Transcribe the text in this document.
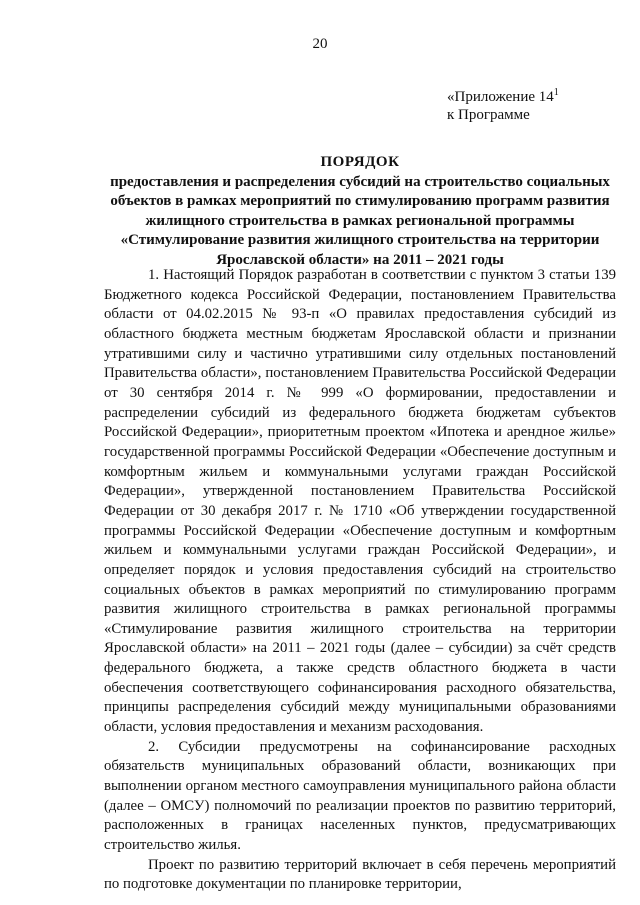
20
«Приложение $14^1$
к Программе
ПОРЯДОК
предоставления и распределения субсидий на строительство социальных объектов в рамках мероприятий по стимулированию программ развития жилищного строительства в рамках региональной программы «Стимулирование развития жилищного строительства на территории Ярославской области» на 2011 – 2021 годы

1. Настоящий Порядок разработан в соответствии с пунктом 3 статьи 139 Бюджетного кодекса Российской Федерации, постановлением Правительства области от 04.02.2015 № 93-п «О правилах предоставления субсидий из областного бюджета местным бюджетам Ярославской области и признании утратившими силу и частично утратившими силу отдельных постановлений Правительства области», постановлением Правительства Российской Федерации от 30 сентября 2014 г. № 999 «О формировании, предоставлении и распределении субсидий из федерального бюджета бюджетам субъектов Российской Федерации», приоритетным проектом «Ипотека и арендное жилье» государственной программы Российской Федерации «Обеспечение доступным и комфортным жильем и коммунальными услугами граждан Российской Федерации», утвержденной постановлением Правительства Российской Федерации от 30 декабря 2017 г. № 1710 «Об утверждении государственной программы Российской Федерации «Обеспечение доступным и комфортным жильем и коммунальными услугами граждан Российской Федерации», и определяет порядок и условия предоставления субсидий на строительство социальных объектов в рамках мероприятий по стимулированию программ развития жилищного строительства в рамках региональной программы «Стимулирование развития жилищного строительства на территории Ярославской области» на 2011 – 2021 годы (далее – субсидии) за счёт средств федерального бюджета, а также средств областного бюджета в части обеспечения соответствующего софинансирования расходного обязательства, принципы распределения субсидий между муниципальными образованиями области, условия предоставления и механизм расходования.

2. Субсидии предусмотрены на софинансирование расходных обязательств муниципальных образований области, возникающих при выполнении органом местного самоуправления муниципального района области (далее – ОМСУ) полномочий по реализации проектов по развитию территорий, расположенных в границах населенных пунктов, предусматривающих строительство жилья.

Проект по развитию территорий включает в себя перечень мероприятий по подготовке документации по планировке территории,
